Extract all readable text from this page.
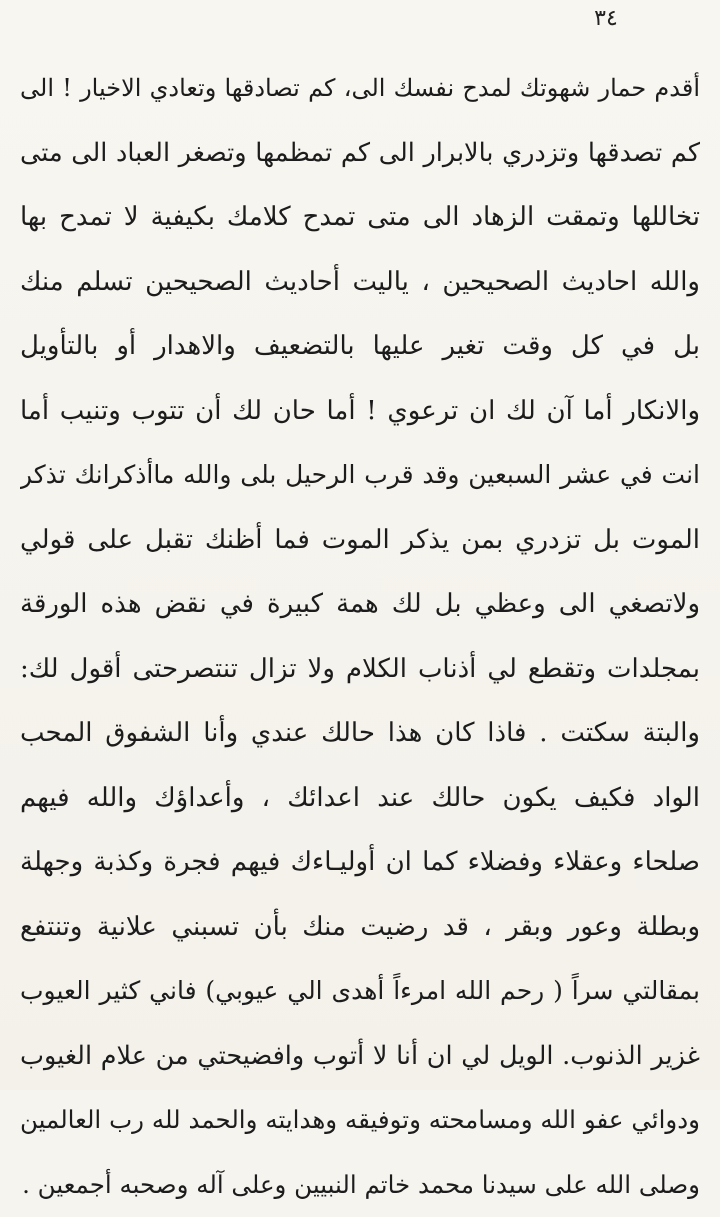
٣٤
أقدم حمار شهوتك لمدح نفسك الى، كم تصادقها وتعادي الاخيار ! الى
كم تصدقها وتزدري بالابرار الى كم تمظمها وتصغر العباد الى متى
تخاللها وتمقت الزهاد الى متى تمدح كلامك بكيفية لا تمدح بها
والله احاديث الصحيحين ، ياليت أحاديث الصحيحين تسلم منك
بل في كل وقت تغير عليها بالتضعيف والاهدار أو بالتأويل
والانكار أما آن لك ان ترعوي ! أما حان لك أن تتوب وتنيب أما
انت في عشر السبعين وقد قرب الرحيل بلى والله ماأذكرانك تذكر
الموت بل تزدري بمن يذكر الموت فما أظنك تقبل على قولي
ولاتصغي الى وعظي بل لك همة كبيرة في نقض هذه الورقة
بمجلدات وتقطع لي أذناب الكلام ولا تزال تنتصرحتى أقول لك:
والبتة سكتت . فاذا كان هذا حالك عندي وأنا الشفوق المحب
الواد فكيف يكون حالك عند اعدائك ، وأعداؤك والله فيهم
صلحاء وعقلاء وفضلاء كما ان أوليـاءك فيهم فجرة وكذبة وجهلة
وبطلة وعور وبقر ، قد رضيت منك بأن تسبني علانية وتنتفع
بمقالتي سراً ( رحم الله امرءاً أهدى الي عيوبي) فاني كثير العيوب
غزير الذنوب. الويل لي ان أنا لا أتوب وافضيحتي من علام الغيوب
ودوائي عفو الله ومسامحته وتوفيقه وهدايته والحمد لله رب العالمين
وصلى الله على سيدنا محمد خاتم النبيين وعلى آله وصحبه أجمعين .
